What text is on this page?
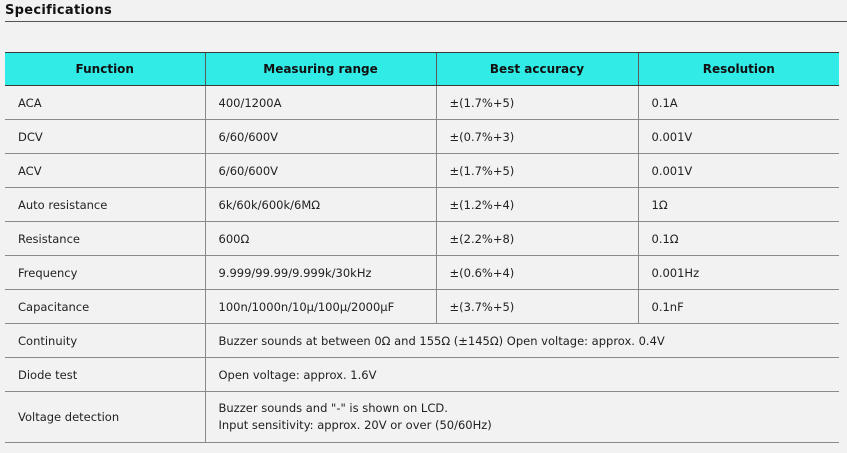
Specifications
Function	Measuring range	Best accuracy	Resolution
ACA	400/1200A	±(1.7%+5)	0.1A
DCV	6/60/600V	±(0.7%+3)	0.001V
ACV	6/60/600V	±(1.7%+5)	0.001V
Auto resistance	6k/60k/600k/6MΩ	±(1.2%+4)	1Ω
Resistance	600Ω	±(2.2%+8)	0.1Ω
Frequency	9.999/99.99/9.999k/30kHz	±(0.6%+4)	0.001Hz
Capacitance	100n/1000n/10μ/100μ/2000μF	±(3.7%+5)	0.1nF
Continuity	Buzzer sounds at between 0Ω and 155Ω (±145Ω) Open voltage: approx. 0.4V		
Diode test	Open voltage: approx. 1.6V		
Voltage detection	Buzzer sounds and "-" is shown on LCD.
Input sensitivity: approx. 20V or over (50/60Hz)		
